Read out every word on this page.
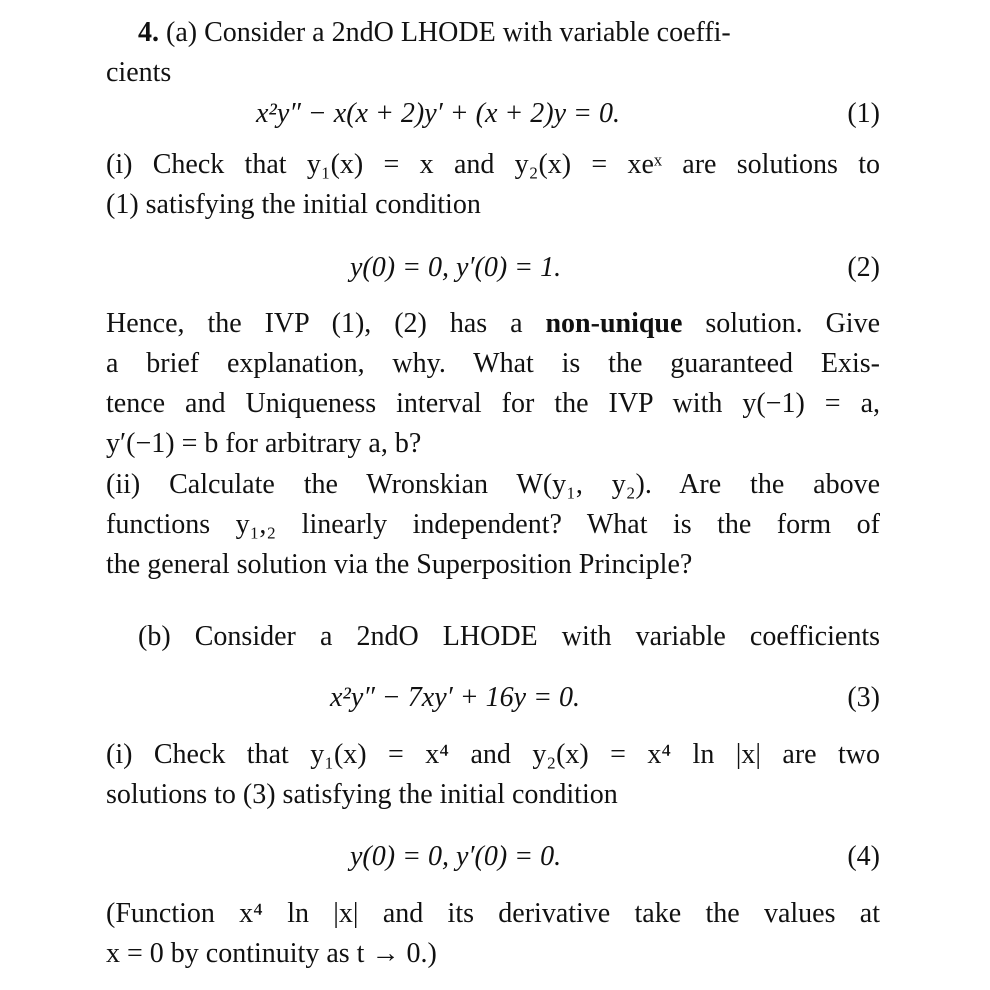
4. (a) Consider a 2ndO LHODE with variable coeffi-
cients
x²y″ − x(x + 2)y′ + (x + 2)y = 0.	(1)
(i) Check that y₁(x) = x and y₂(x) = xeˣ are solutions to
(1) satisfying the initial condition
y(0) = 0, y′(0) = 1.	(2)
Hence, the IVP (1), (2) has a non-unique solution. Give
a brief explanation, why. What is the guaranteed Exis-
tence and Uniqueness interval for the IVP with y(−1) = a,
y′(−1) = b for arbitrary a, b?
(ii) Calculate the Wronskian W(y₁, y₂). Are the above
functions y₁,₂ linearly independent? What is the form of
the general solution via the Superposition Principle?
(b) Consider a 2ndO LHODE with variable coefficients
x²y″ − 7xy′ + 16y = 0.	(3)
(i) Check that y₁(x) = x⁴ and y₂(x) = x⁴ ln |x| are two
solutions to (3) satisfying the initial condition
y(0) = 0, y′(0) = 0.	(4)
(Function x⁴ ln |x| and its derivative take the values at
x = 0 by continuity as t → 0.)
